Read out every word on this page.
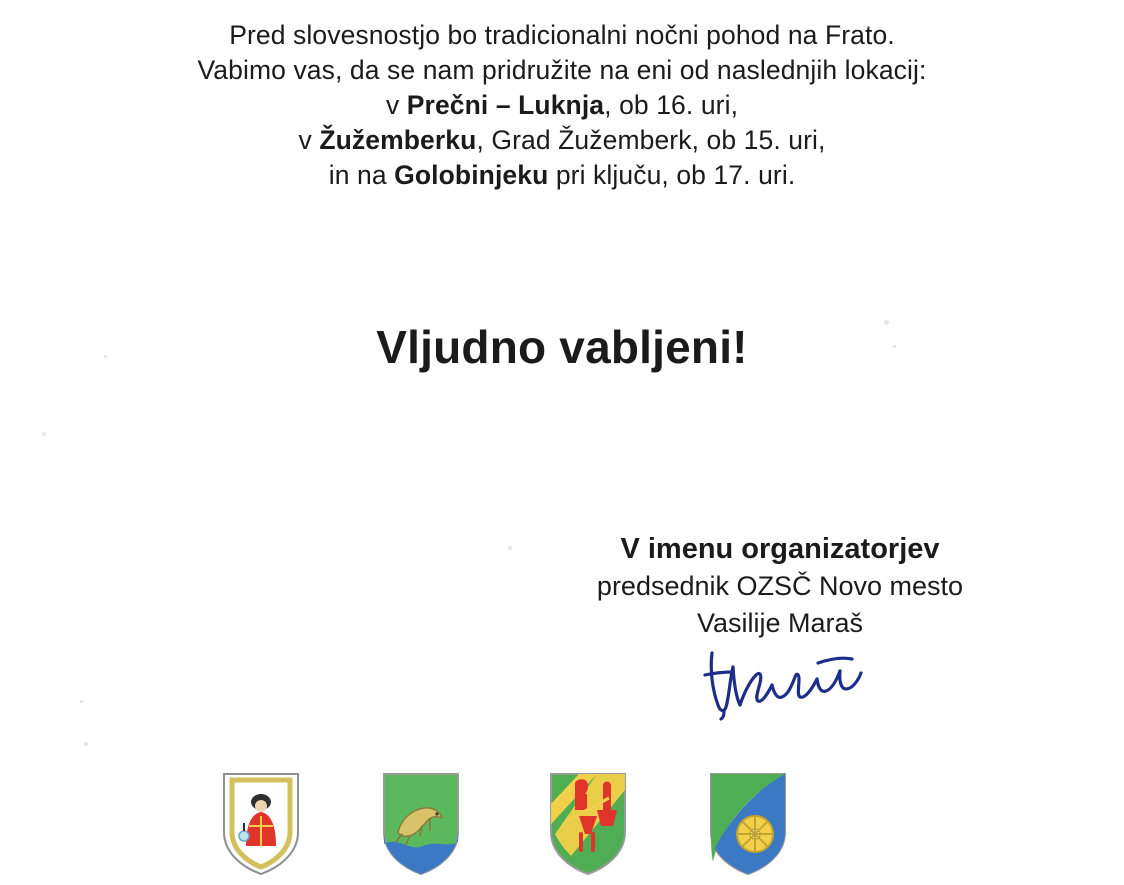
Pred slovesnostjo bo tradicionalni nočni pohod na Frato.
Vabimo vas, da se nam pridružite na eni od naslednjih lokacij:
v Prečni – Luknja, ob 16. uri,
v Žužemberku, Grad Žužemberk, ob 15. uri,
in na Golobinjeku pri ključu, ob 17. uri.
Vljudno vabljeni!
V imenu organizatorjev
predsednik OZSČ Novo mesto
Vasilije Maraš
